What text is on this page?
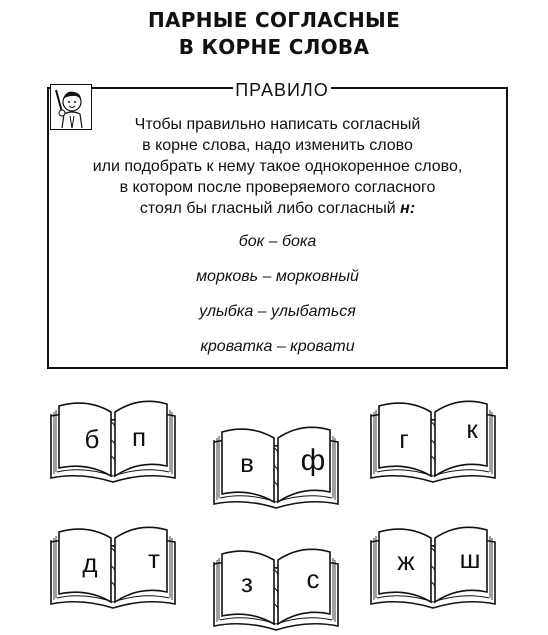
ПАРНЫЕ СОГЛАСНЫЕ
В КОРНЕ СЛОВА
ПРАВИЛО
Чтобы правильно написать согласный
в корне слова, надо изменить слово
или подобрать к нему такое однокоренное слово,
в котором после проверяемого согласного
стоял бы гласный либо согласный н:
бок – бока
морковь – морковный
улыбка – улыбаться
кроватка – кровати
б	п
в ф
г	к
д	т
з	с
ж ш
